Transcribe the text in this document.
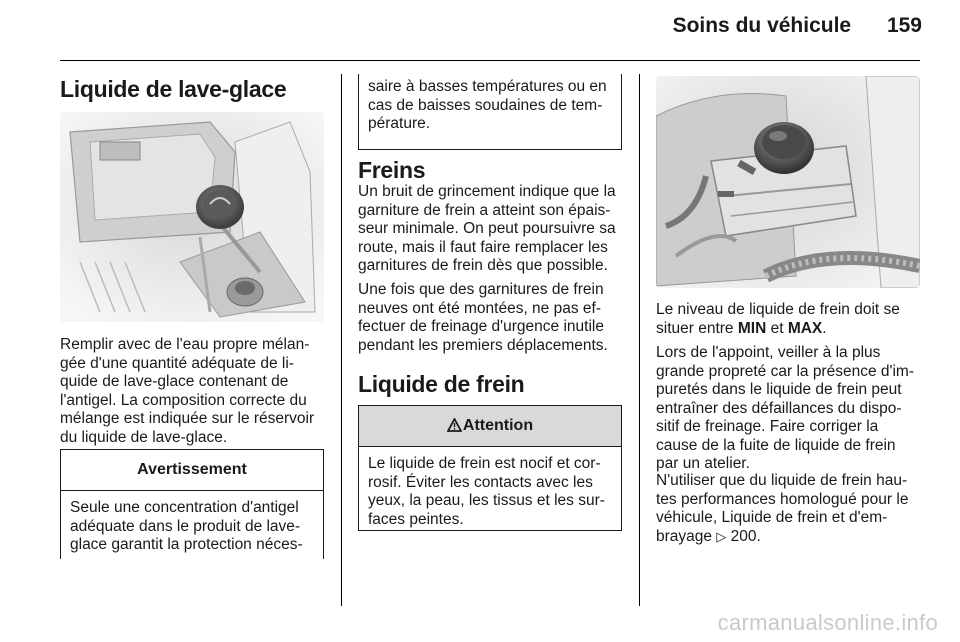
Soins du véhicule 159
Liquide de lave-glace

Remplir avec de l'eau propre mélan-

gée d'une quantité adéquate de li-

quide de lave-glace contenant de

l'antigel. La composition correcte du

mélange est indiquée sur le réservoir

du liquide de lave-glace.

Avertissement
Seule une concentration d'antigel
adéquate dans le produit de lave-
glace garantit la protection néces-
saire à basses températures ou en
cas de baisses soudaines de tem-
pérature.
Freins

Un bruit de grincement indique que la

garniture de frein a atteint son épais-

seur minimale. On peut poursuivre sa

route, mais il faut faire remplacer les

garnitures de frein dès que possible.

Une fois que des garnitures de frein

neuves ont été montées, ne pas ef-

fectuer de freinage d'urgence inutile

pendant les premiers déplacements.

Liquide de frein
Attention
Le liquide de frein est nocif et cor-
rosif. Éviter les contacts avec les
yeux, la peau, les tissus et les sur-
faces peintes.

Le niveau de liquide de frein doit se

situer entre MIN et MAX.

Lors de l'appoint, veiller à la plus

grande propreté car la présence d'im-

puretés dans le liquide de frein peut

entraîner des défaillances du dispo-

sitif de freinage. Faire corriger la

cause de la fuite de liquide de frein

par un atelier.

N'utiliser que du liquide de frein hau-

tes performances homologué pour le

véhicule, Liquide de frein et d'em-

brayage ▷ 200.

carmanualsonline.info
